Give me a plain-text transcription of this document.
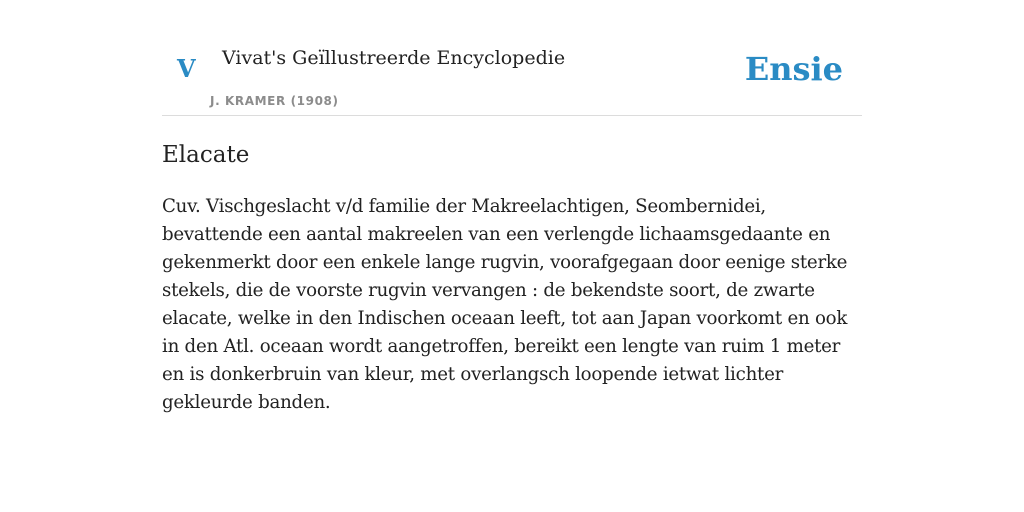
V Vivat's Geïllustreerde Encyclopedie
J. KRAMER (1908)
Ensie
Elacate

Cuv. Vischgeslacht v/d familie der Makreelachtigen, Seombernidei, bevattende een aantal makreelen van een verlengde lichaamsgedaante en gekenmerkt door een enkele lange rugvin, voorafgegaan door eenige sterke stekels, die de voorste rugvin vervangen : de bekendste soort, de zwarte elacate, welke in den Indischen oceaan leeft, tot aan Japan voorkomt en ook in den Atl. oceaan wordt aangetroffen, bereikt een lengte van ruim 1 meter en is donkerbruin van kleur, met overlangsch loopende ietwat lichter gekleurde banden.
